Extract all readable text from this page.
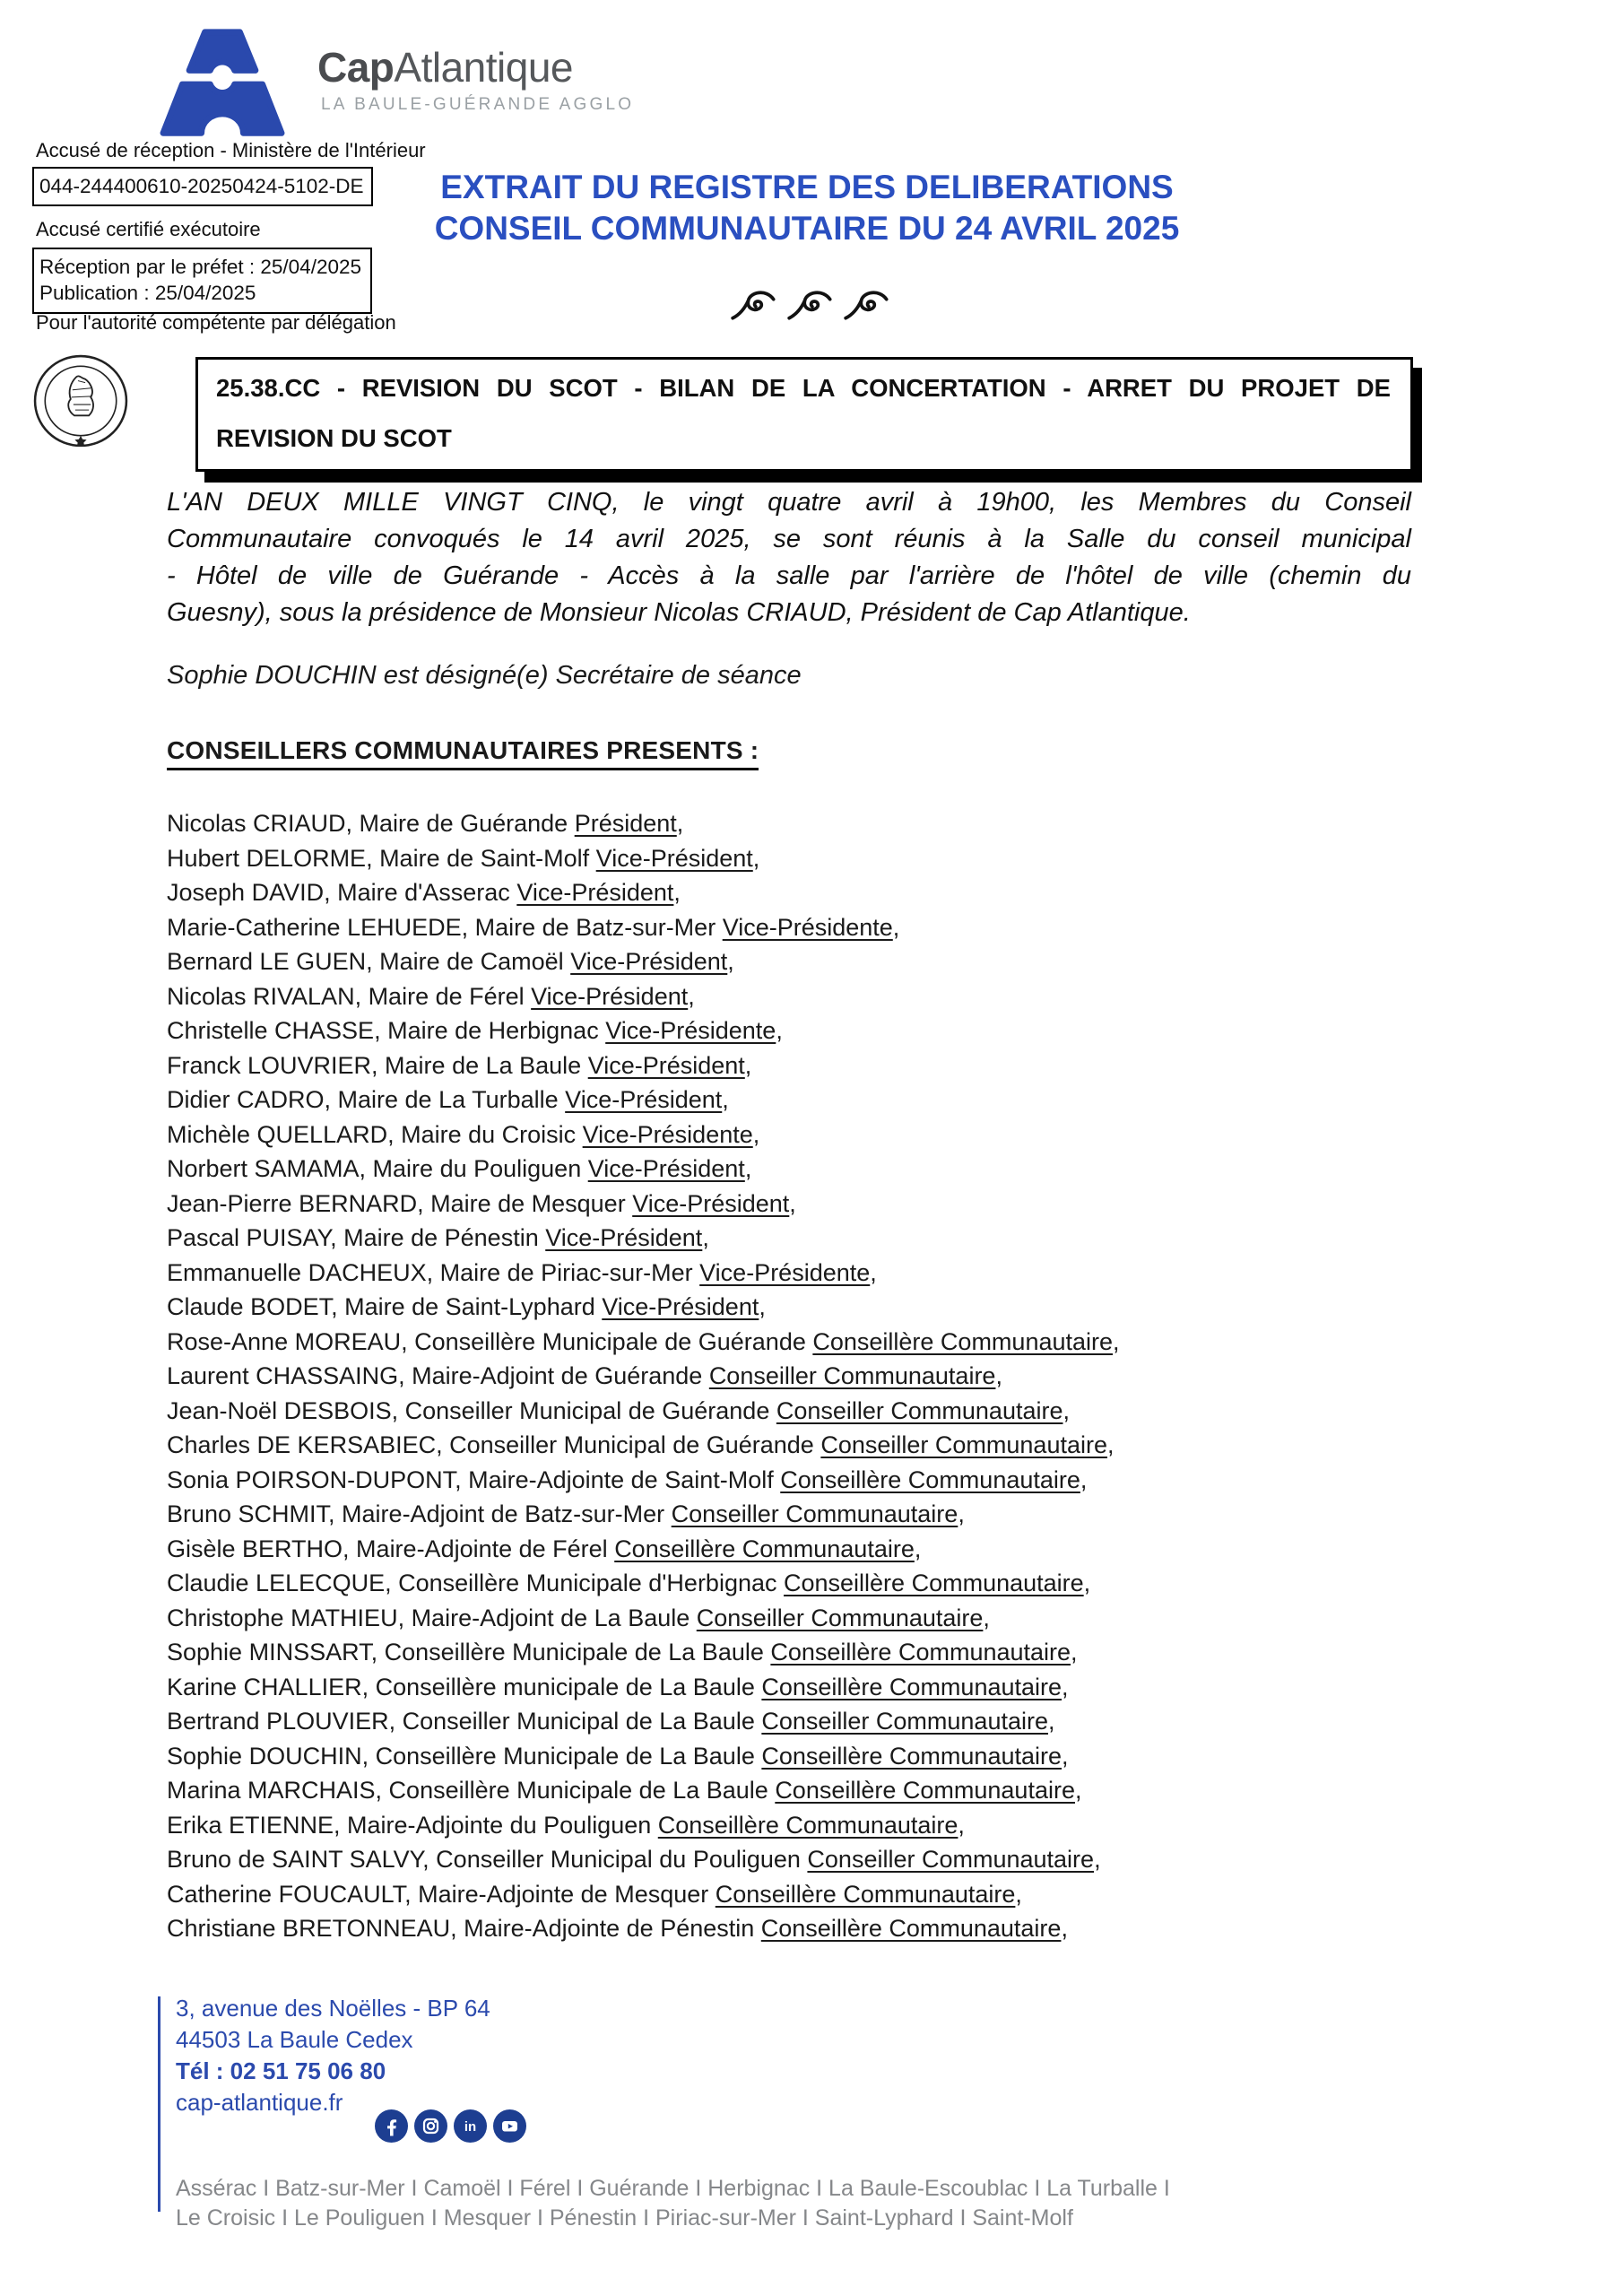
CapAtlantique
LA BAULE-GUÉRANDE AGGLO
Accusé de réception - Ministère de l'Intérieur
044-244400610-20250424-5102-DE
Accusé certifié exécutoire
Réception par le préfet : 25/04/2025
Publication : 25/04/2025
Pour l'autorité compétente par délégation
EXTRAIT DU REGISTRE DES DELIBERATIONS
CONSEIL COMMUNAUTAIRE DU 24 AVRIL 2025
25.38.CC - REVISION DU SCOT - BILAN DE LA CONCERTATION - ARRET DU PROJET DE
REVISION DU SCOT
L'AN DEUX MILLE VINGT CINQ, le vingt quatre avril à 19h00, les Membres du Conseil
Communautaire convoqués le 14 avril 2025, se sont réunis à la Salle du conseil municipal
- Hôtel de ville de Guérande - Accès à la salle par l'arrière de l'hôtel de ville (chemin du
Guesny), sous la présidence de Monsieur Nicolas CRIAUD, Président de Cap Atlantique.
Sophie DOUCHIN est désigné(e) Secrétaire de séance
CONSEILLERS COMMUNAUTAIRES PRESENTS :
Nicolas CRIAUD, Maire de Guérande Président,
Hubert DELORME, Maire de Saint-Molf Vice-Président,
Joseph DAVID, Maire d'Asserac Vice-Président,
Marie-Catherine LEHUEDE, Maire de Batz-sur-Mer Vice-Présidente,
Bernard LE GUEN, Maire de Camoël Vice-Président,
Nicolas RIVALAN, Maire de Férel Vice-Président,
Christelle CHASSE, Maire de Herbignac Vice-Présidente,
Franck LOUVRIER, Maire de La Baule Vice-Président,
Didier CADRO, Maire de La Turballe Vice-Président,
Michèle QUELLARD, Maire du Croisic Vice-Présidente,
Norbert SAMAMA, Maire du Pouliguen Vice-Président,
Jean-Pierre BERNARD, Maire de Mesquer Vice-Président,
Pascal PUISAY, Maire de Pénestin Vice-Président,
Emmanuelle DACHEUX, Maire de Piriac-sur-Mer Vice-Présidente,
Claude BODET, Maire de Saint-Lyphard Vice-Président,
Rose-Anne MOREAU, Conseillère Municipale de Guérande Conseillère Communautaire,
Laurent CHASSAING, Maire-Adjoint de Guérande Conseiller Communautaire,
Jean-Noël DESBOIS, Conseiller Municipal de Guérande Conseiller Communautaire,
Charles DE KERSABIEC, Conseiller Municipal de Guérande Conseiller Communautaire,
Sonia POIRSON-DUPONT, Maire-Adjointe de Saint-Molf Conseillère Communautaire,
Bruno SCHMIT, Maire-Adjoint de Batz-sur-Mer Conseiller Communautaire,
Gisèle BERTHO, Maire-Adjointe de Férel Conseillère Communautaire,
Claudie LELECQUE, Conseillère Municipale d'Herbignac Conseillère Communautaire,
Christophe MATHIEU, Maire-Adjoint de La Baule Conseiller Communautaire,
Sophie MINSSART, Conseillère Municipale de La Baule Conseillère Communautaire,
Karine CHALLIER, Conseillère municipale de La Baule Conseillère Communautaire,
Bertrand PLOUVIER, Conseiller Municipal de La Baule Conseiller Communautaire,
Sophie DOUCHIN, Conseillère Municipale de La Baule Conseillère Communautaire,
Marina MARCHAIS, Conseillère Municipale de La Baule Conseillère Communautaire,
Erika ETIENNE, Maire-Adjointe du Pouliguen Conseillère Communautaire,
Bruno de SAINT SALVY, Conseiller Municipal du Pouliguen Conseiller Communautaire,
Catherine FOUCAULT, Maire-Adjointe de Mesquer Conseillère Communautaire,
Christiane BRETONNEAU, Maire-Adjointe de Pénestin Conseillère Communautaire,
3, avenue des Noëlles - BP 64
44503 La Baule Cedex
Tél : 02 51 75 06 80
cap-atlantique.fr
in
Assérac I Batz-sur-Mer I Camoël I Férel I Guérande I Herbignac I La Baule-Escoublac I La Turballe I
Le Croisic I Le Pouliguen I Mesquer I Pénestin I Piriac-sur-Mer I Saint-Lyphard I Saint-Molf
